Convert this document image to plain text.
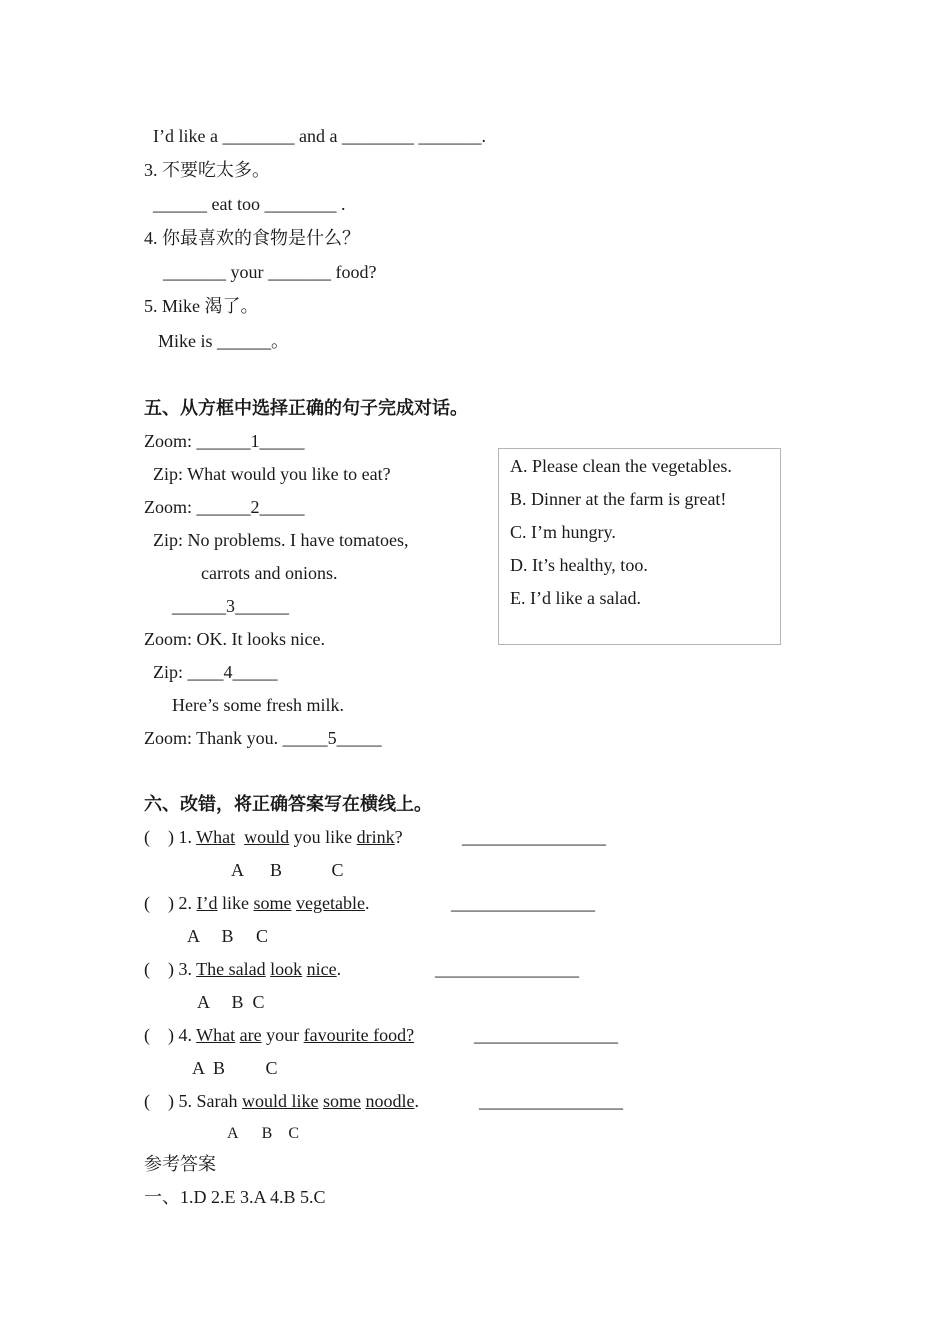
I’d like a ________ and a ________ _______.
3. 不要吃太多。
______ eat too ________ .
4. 你最喜欢的食物是什么？
_______ your _______ food?
5. Mike 渴了。
Mike is ______。
五、从方框中选择正确的句子完成对话。
Zoom: ______1_____
Zip: What would you like to eat?
Zoom: ______2_____
Zip: No problems. I have tomatoes,
carrots and onions.
______3______
Zoom: OK. It looks nice.
Zip: ____4_____
Here’s some fresh milk.
Zoom: Thank you. _____5_____
A. Please clean the vegetables.
B. Dinner at the farm is great!
C. I’m hungry.
D. It’s healthy, too.
E. I’d like a salad.
六、改错，将正确答案写在横线上。
(    ) 1. What would you like drink?	________________
A      B           C
(    ) 2. I’d like some vegetable.	________________
A     B     C
(    ) 3. The salad look nice.	________________
A     B  C
(    ) 4. What are your favourite food?	________________
A  B         C
(    ) 5. Sarah would like some noodle.	________________
A      B    C
参考答案
一、1.D 2.E 3.A 4.B 5.C
